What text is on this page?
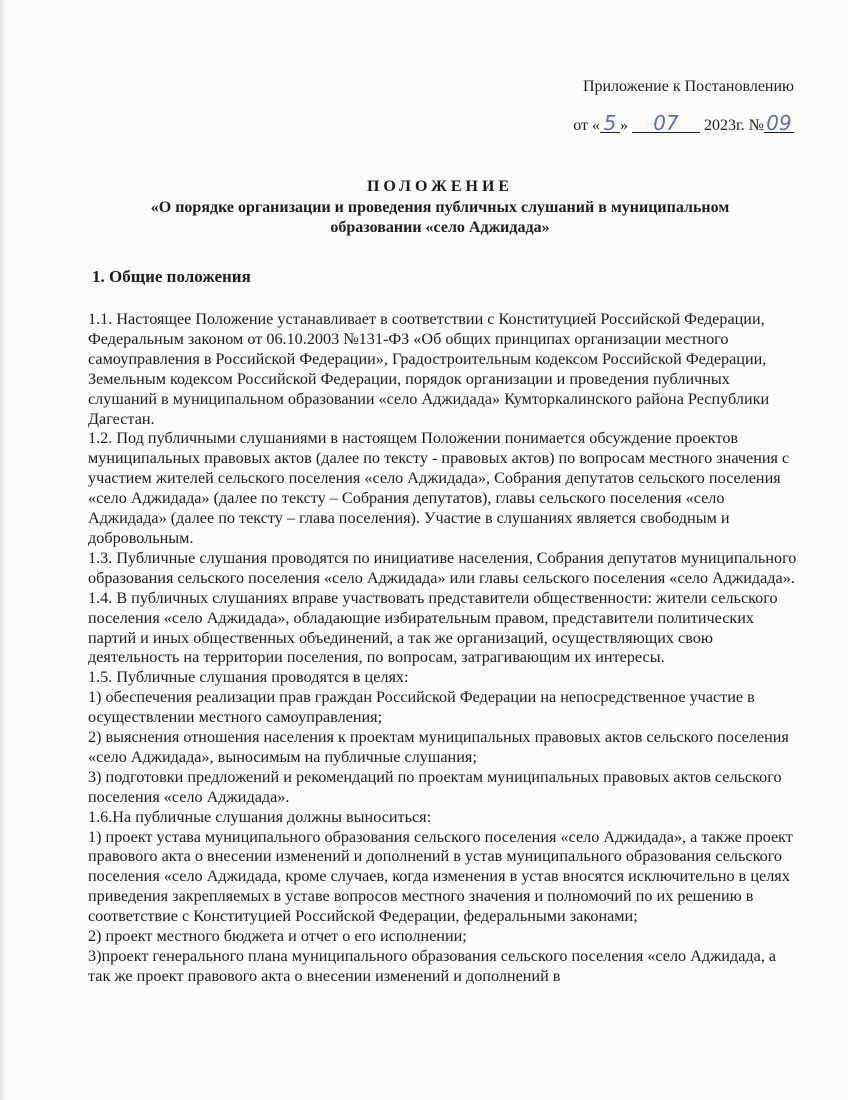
Приложение к Постановлению
от « 5 » 07 2023г. № 09
ПОЛОЖЕНИЕ
«О порядке организации и проведения публичных слушаний в муниципальном образовании «село Аджидада»
1. Общие положения

1.1. Настоящее Положение устанавливает в соответствии с Конституцией Российской Федерации, Федеральным законом от 06.10.2003 №131-ФЗ «Об общих принципах организации местного самоуправления в Российской Федерации», Градостроительным кодексом Российской Федерации, Земельным кодексом Российской Федерации, порядок организации и проведения публичных слушаний в муниципальном образовании «село Аджидада» Кумторкалинского района Республики Дагестан.

1.2. Под публичными слушаниями в настоящем Положении понимается обсуждение проектов муниципальных правовых актов (далее по тексту - правовых актов) по вопросам местного значения с участием жителей сельского поселения «село Аджидада», Собрания депутатов сельского поселения «село Аджидада» (далее по тексту – Собрания депутатов), главы сельского поселения «село Аджидада» (далее по тексту – глава поселения). Участие в слушаниях является свободным и добровольным.

1.3. Публичные слушания проводятся по инициативе населения, Собрания депутатов муниципального образования сельского поселения «село Аджидада» или главы сельского поселения «село Аджидада».

1.4. В публичных слушаниях вправе участвовать представители общественности: жители сельского поселения «село Аджидада», обладающие избирательным правом, представители политических партий и иных общественных объединений, а так же организаций, осуществляющих свою деятельность на территории поселения, по вопросам, затрагивающим их интересы.

1.5. Публичные слушания проводятся в целях:

1) обеспечения реализации прав граждан Российской Федерации на непосредственное участие в осуществлении местного самоуправления;

2) выяснения отношения населения к проектам муниципальных правовых актов сельского поселения «село Аджидада», выносимым на публичные слушания;

3) подготовки предложений и рекомендаций по проектам муниципальных правовых актов сельского поселения «село Аджидада».

1.6.На публичные слушания должны выноситься:

1) проект устава муниципального образования сельского поселения «село Аджидада», а также проект правового акта о внесении изменений и дополнений в устав муниципального образования сельского поселения «село Аджидада, кроме случаев, когда изменения в устав вносятся исключительно в целях приведения закрепляемых в уставе вопросов местного значения и полномочий по их решению в соответствие с Конституцией Российской Федерации, федеральными законами;

2) проект местного бюджета и отчет о его исполнении;

3)проект генерального плана муниципального образования сельского поселения «село Аджидада, а так же проект правового акта о внесении изменений и дополнений в
